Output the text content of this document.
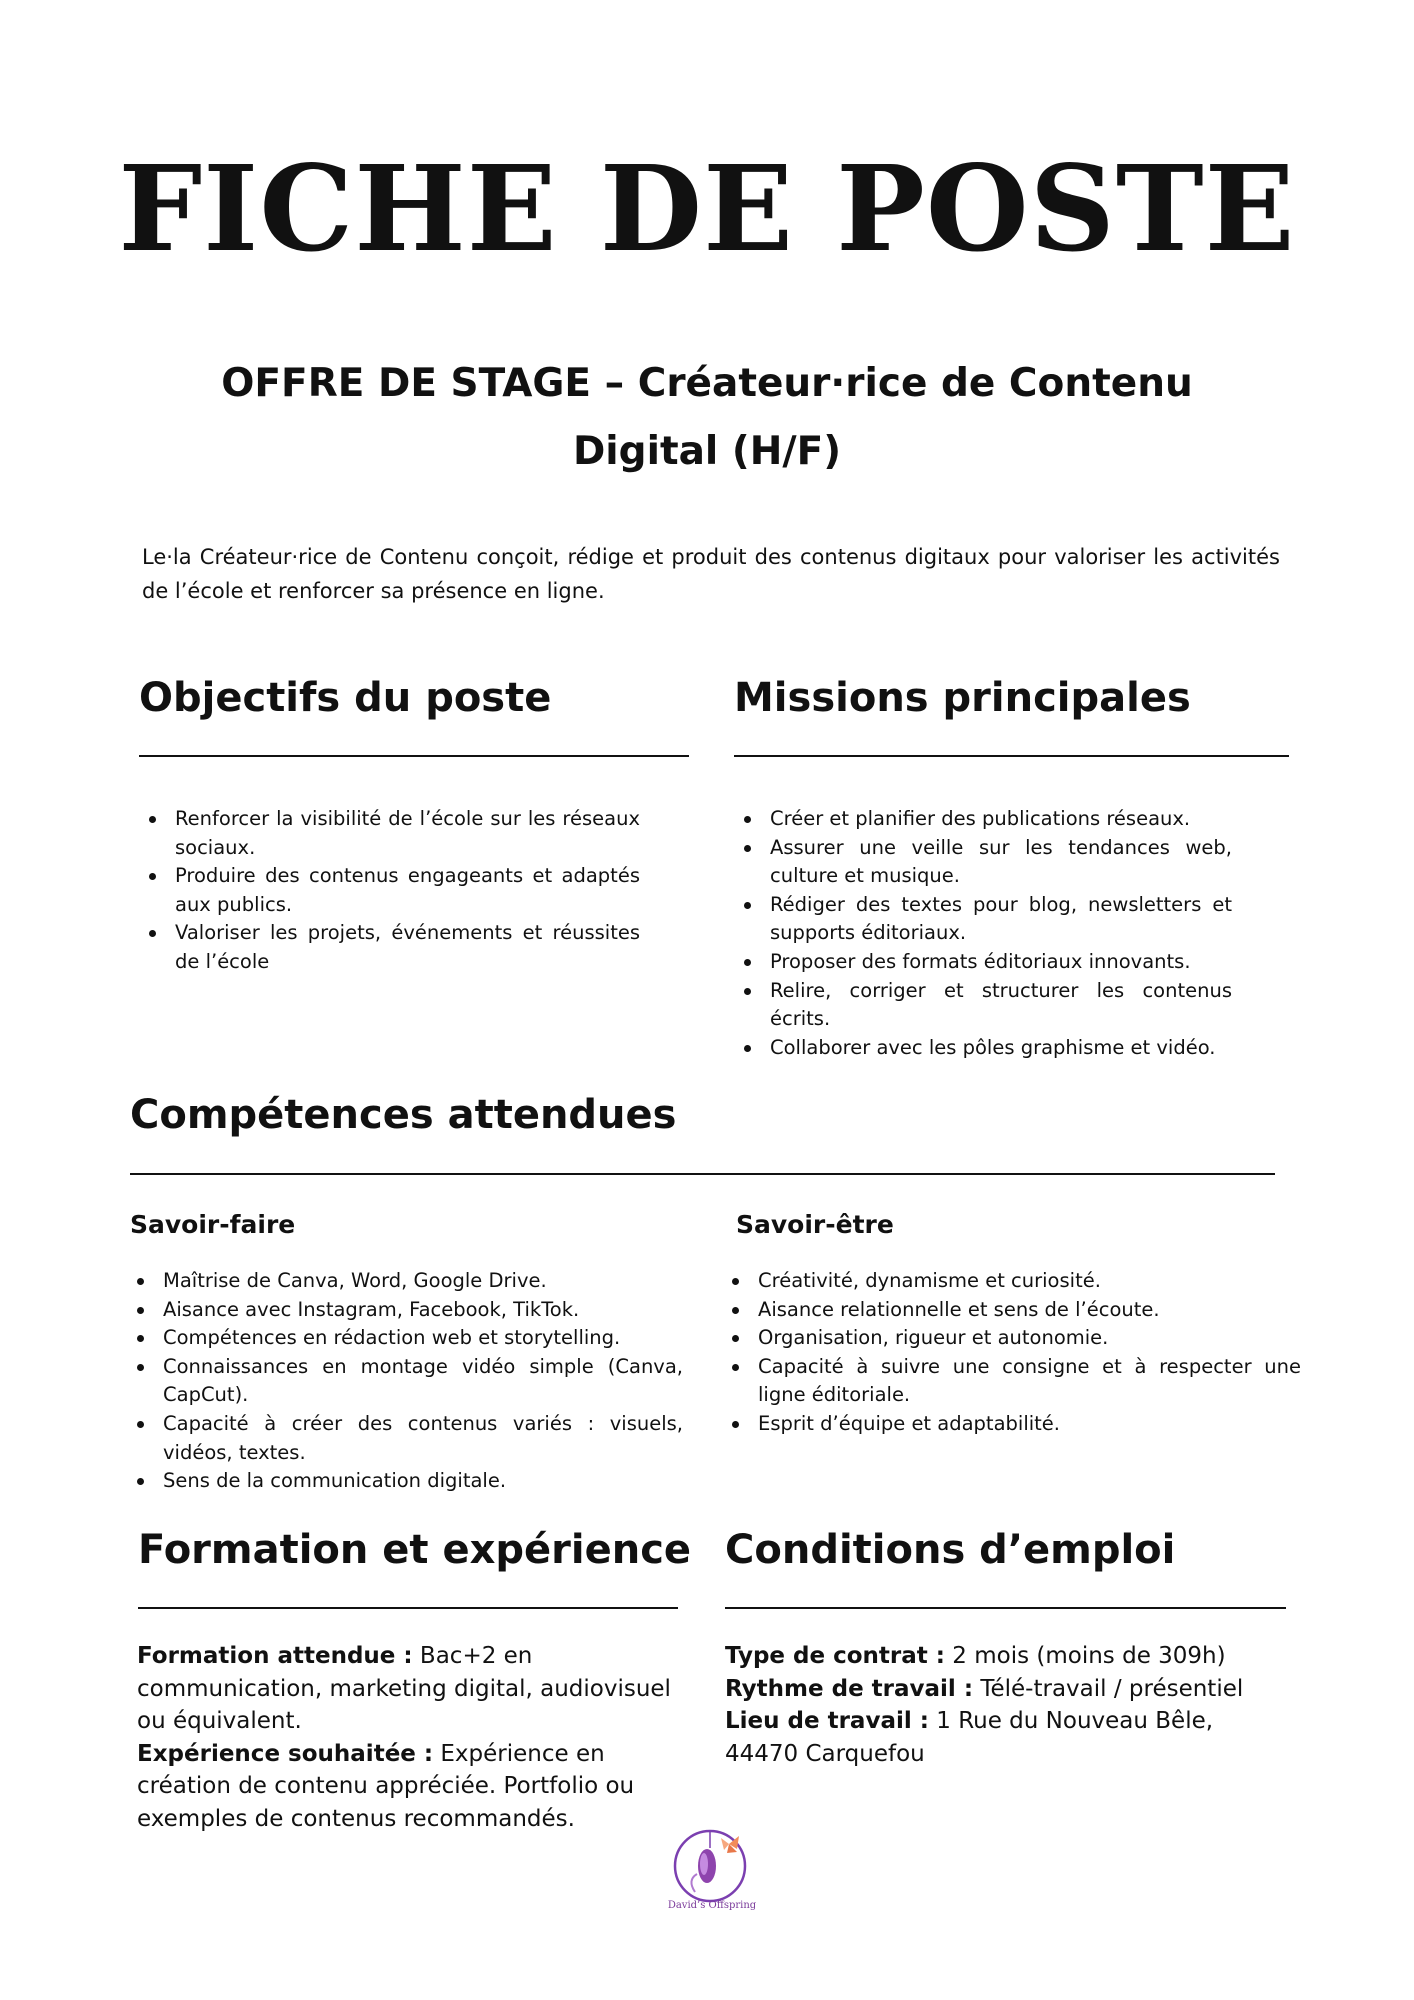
FICHE DE POSTE
OFFRE DE STAGE – Créateur·rice de Contenu
Digital (H/F)
Le·la Créateur·rice de Contenu conçoit, rédige et produit des contenus digitaux pour valoriser les activités de l’école et renforcer sa présence en ligne.
Objectifs du poste
Renforcer la visibilité de l’école sur les réseaux sociaux.
Produire des contenus engageants et adaptés aux publics.
Valoriser les projets, événements et réussites de l’école
Missions principales
Créer et planifier des publications réseaux.
Assurer une veille sur les tendances web, culture et musique.
Rédiger des textes pour blog, newsletters et supports éditoriaux.
Proposer des formats éditoriaux innovants.
Relire, corriger et structurer les contenus écrits.
Collaborer avec les pôles graphisme et vidéo.
Compétences attendues
Savoir-faire
Maîtrise de Canva, Word, Google Drive.
Aisance avec Instagram, Facebook, TikTok.
Compétences en rédaction web et storytelling.
Connaissances en montage vidéo simple (Canva, CapCut).
Capacité à créer des contenus variés : visuels, vidéos, textes.
Sens de la communication digitale.
Savoir-être
Créativité, dynamisme et curiosité.
Aisance relationnelle et sens de l’écoute.
Organisation, rigueur et autonomie.
Capacité à suivre une consigne et à respecter une ligne éditoriale.
Esprit d’équipe et adaptabilité.
Formation et expérience
Formation attendue : Bac+2 en communication, marketing digital, audiovisuel ou équivalent.
Expérience souhaitée : Expérience en création de contenu appréciée. Portfolio ou exemples de contenus recommandés.
Conditions d’emploi
Type de contrat : 2 mois (moins de 309h)
Rythme de travail : Télé-travail / présentiel
Lieu de travail : 1 Rue du Nouveau Bêle, 44470 Carquefou
David’s Offspring
